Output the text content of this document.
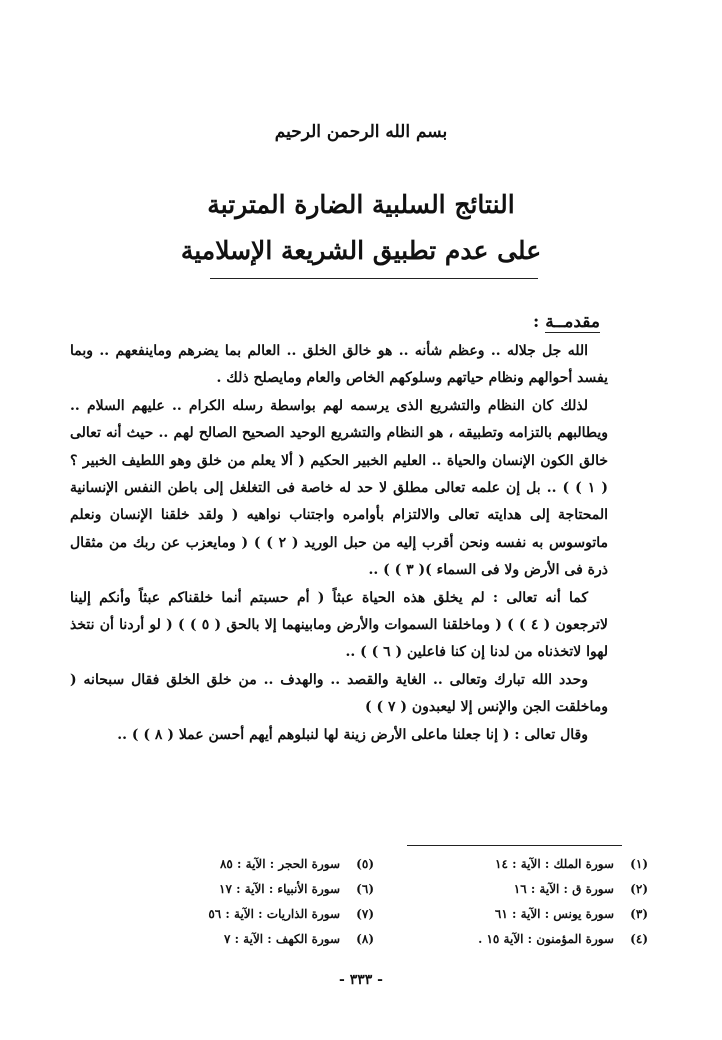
بسم الله الرحمن الرحيم
النتائج السلبية الضارة المترتبة
على عدم تطبيق الشريعة الإسلامية
مقدمــة :

الله جل جلاله .. وعظم شأنه .. هو خالق الخلق .. العالم بما يضرهم وماينفعهم .. وبما يفسد أحوالهم ونظام حياتهم وسلوكهم الخاص والعام ومايصلح ذلك .

لذلك كان النظام والتشريع الذى يرسمه لهم بواسطة رسله الكرام .. عليهم السلام .. ويطالبهم بالتزامه وتطبيقه ، هو النظام والتشريع الوحيد الصحيح الصالح لهم .. حيث أنه تعالى خالق الكون الإنسان والحياة .. العليم الخبير الحكيم ( ألا يعلم من خلق وهو اللطيف الخبير ؟ ( ١ ) ) .. بل إن علمه تعالى مطلق لا حد له خاصة فى التغلغل إلى باطن النفس الإنسانية المحتاجة إلى هدايته تعالى والالتزام بأوامره واجتناب نواهيه ( ولقد خلقنا الإنسان ونعلم ماتوسوس به نفسه ونحن أقرب إليه من حبل الوريد ( ٢ ) ) ( ومايعزب عن ربك من مثقال ذرة فى الأرض ولا فى السماء )( ٣ ) ) ..

كما أنه تعالى : لم يخلق هذه الحياة عبثاً ( أم حسبتم أنما خلقناكم عبثاً وأنكم إلينا لاترجعون ( ٤ ) ) ( وماخلقنا السموات والأرض ومابينهما إلا بالحق ( ٥ ) ) ( لو أردنا أن نتخذ لهوا لاتخذناه من لدنا إن كنا فاعلين ( ٦ ) ) ..

وحدد الله تبارك وتعالى .. الغاية والقصد .. والهدف .. من خلق الخلق فقال سبحانه ( وماخلقت الجن والإنس إلا ليعبدون ( ٧ ) )

وقال تعالى : ( إنا جعلنا ماعلى الأرض زينة لها لنبلوهم أيهم أحسن عملا ( ٨ ) ) ..

(١)سورة الملك : الآية : ١٤
(٥)سورة الحجر : الآية : ٨٥
(٢)سورة ق : الآية : ١٦
(٦)سورة الأنبياء : الآية : ١٧
(٣)سورة يونس : الآية : ٦١
(٧)سورة الذاريات : الآية : ٥٦
(٤)سورة المؤمنون : الآية ١٥ .
(٨)سورة الكهف : الآية : ٧
- ٣٣٣ -
